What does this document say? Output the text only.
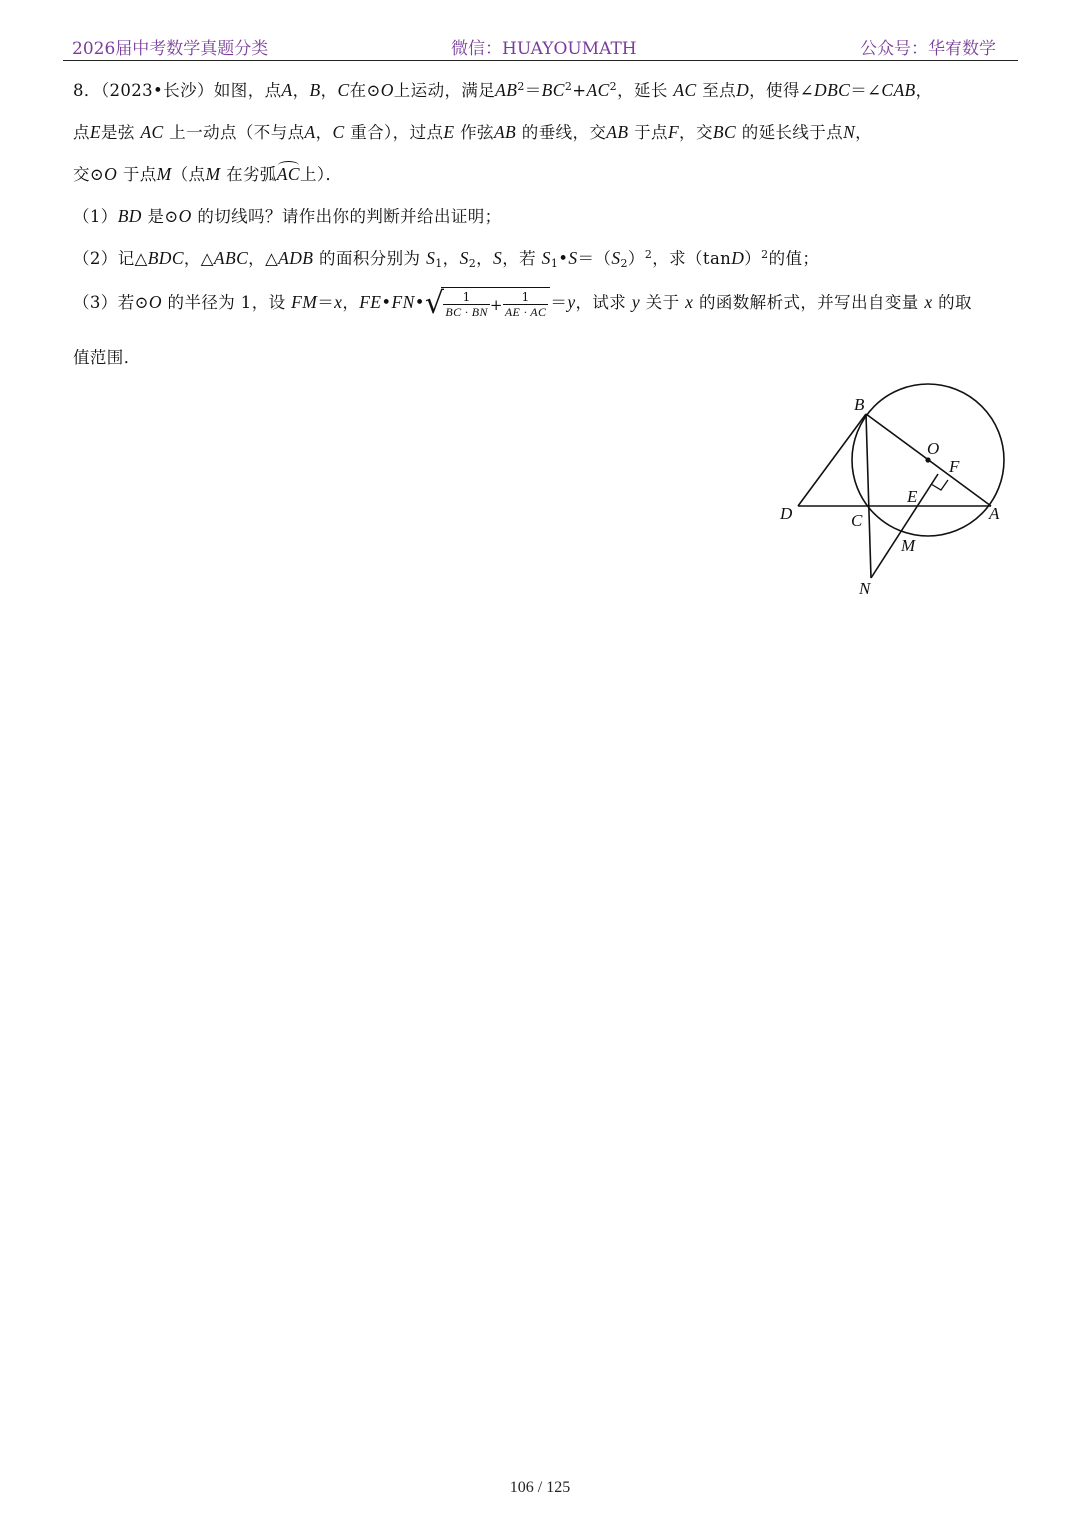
2026届中考数学真题分类	微信：HUAYOUMATH	公众号：华宥数学
8．（2023•长沙）如图，点A，B，C在⊙O上运动，满足$AB^2=BC^2+AC^2$，延长 AC 至点D，使得∠DBC＝∠CAB，
点E是弦 AC 上一动点（不与点A，C 重合），过点E 作弦AB 的垂线，交AB 于点F，交BC 的延长线于点N，
交⊙O 于点M（点M 在劣弧AC上）．
（1）BD 是⊙O 的切线吗？请作出你的判断并给出证明；
（2）记△BDC，△ABC，△ADB 的面积分别为 $S_1$，$S_2$，S，若 $S_1•S=(S_2)^2$，求$(\tan D)^2$的值；
（3）若⊙O 的半径为 1，设 FM＝x，FE•FN•√ $\frac{1}{BC \cdot BN} + \frac{1}{AE \cdot AC} =y$，试求 y 关于 x 的函数解析式，并写出自变量 x 的取
值范围．
B
O
F
E
D	C	A
M
N
106 / 125
